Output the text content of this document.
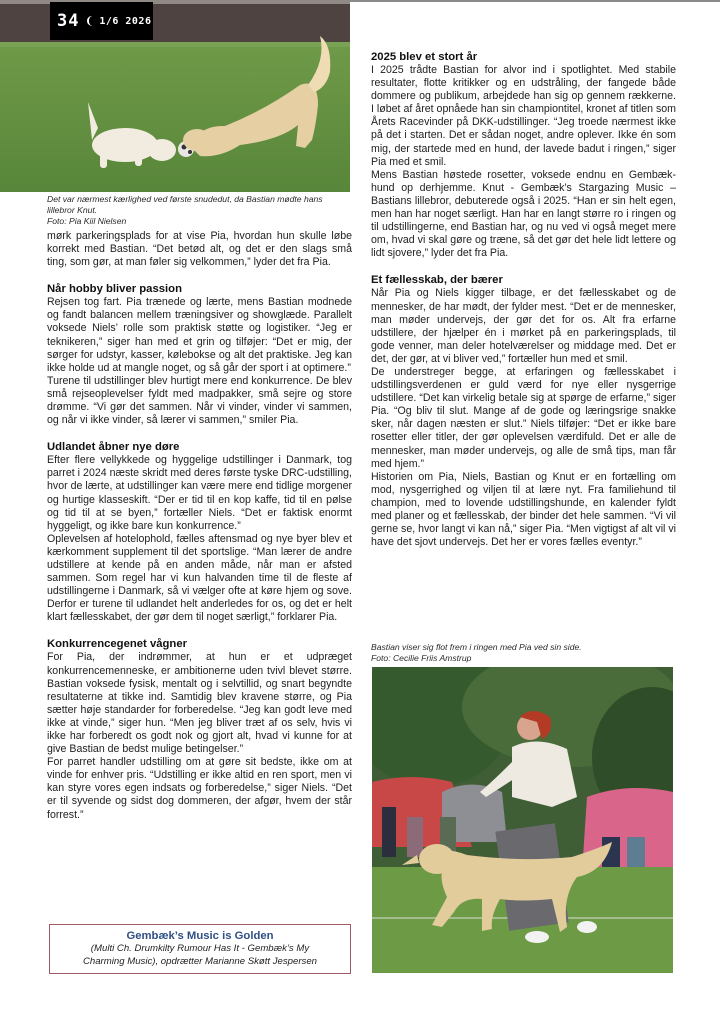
34 ❨ 1/6 2026
Det var nærmest kærlighed ved første snudedut, da Bastian mødte hans lillebror Knut.
Foto: Pia Kiil Nielsen

mørk parkeringsplads for at vise Pia, hvordan hun skulle løbe korrekt med Bastian. “Det betød alt, og det er den slags små ting, som gør, at man føler sig velkommen,” lyder det fra Pia.

Når hobby bliver passion

Rejsen tog fart. Pia trænede og lærte, mens Bastian modnede og fandt balancen mellem træningsiver og showglæde. Parallelt voksede Niels’ rolle som praktisk støtte og logistiker. “Jeg er teknikeren,” siger han med et grin og tilføjer: “Det er mig, der sørger for udstyr, kasser, kølebokse og alt det praktiske. Jeg kan ikke holde ud at mangle noget, og så går der sport i at optimere.”

Turene til udstillinger blev hurtigt mere end konkurrence. De blev små rejseoplevelser fyldt med madpakker, små sejre og store drømme. “Vi gør det sammen. Når vi vinder, vinder vi sammen, og når vi ikke vinder, så lærer vi sammen,” smiler Pia.

Udlandet åbner nye døre

Efter flere vellykkede og hyggelige udstillinger i Danmark, tog parret i 2024 næste skridt med deres første tyske DRC-udstilling, hvor de lærte, at udstillinger kan være mere end tidlige morgener og hurtige klasseskift. “Der er tid til en kop kaffe, tid til en pølse og tid til at se byen,” fortæller Niels. “Det er faktisk enormt hyggeligt, og ikke bare kun konkurrence.”

Oplevelsen af hotelophold, fælles aftensmad og nye byer blev et kærkomment supplement til det sportslige. “Man lærer de andre udstillere at kende på en anden måde, når man er afsted sammen. Som regel har vi kun halvanden time til de fleste af udstillingerne i Danmark, så vi vælger ofte at køre hjem og sove. Derfor er turene til udlandet helt anderledes for os, og det er helt klart fællesskabet, der gør dem til noget særligt,” forklarer Pia.

Konkurrencegenet vågner

For Pia, der indrømmer, at hun er et udpræget konkurrencemenneske, er ambitionerne uden tvivl blevet større. Bastian voksede fysisk, mentalt og i selvtillid, og snart begyndte resultaterne at tikke ind. Samtidig blev kravene større, og Pia sætter høje standarder for forberedelse. “Jeg kan godt leve med ikke at vinde,” siger hun. “Men jeg bliver træt af os selv, hvis vi ikke har forberedt os godt nok og gjort alt, hvad vi kunne for at give Bastian de bedst mulige betingelser.”

For parret handler udstilling om at gøre sit bedste, ikke om at vinde for enhver pris. “Udstilling er ikke altid en ren sport, men vi kan styre vores egen indsats og forberedelse,” siger Niels. “Det er til syvende og sidst dog dommeren, der afgør, hvem der står forrest.”

Gembæk’s Music is Golden
(Multi Ch. Drumkilty Rumour Has It - Gembæk’s My
Charming Music), opdrætter Marianne Skøtt Jespersen
2025 blev et stort år

I 2025 trådte Bastian for alvor ind i spotlightet. Med stabile resultater, flotte kritikker og en udstråling, der fangede både dommere og publikum, arbejdede han sig op gennem rækkerne. I løbet af året opnåede han sin championtitel, kronet af titlen som Årets Racevinder på DKK-udstillinger. “Jeg troede nærmest ikke på det i starten. Det er sådan noget, andre oplever. Ikke én som mig, der startede med en hund, der lavede badut i ringen,” siger Pia med et smil.

Mens Bastian høstede rosetter, voksede endnu en Gembæk-hund op derhjemme. Knut - Gembæk’s Stargazing Music – Bastians lillebror, debuterede også i 2025. “Han er sin helt egen, men han har noget særligt. Han har en langt større ro i ringen og til udstillingerne, end Bastian har, og nu ved vi også meget mere om, hvad vi skal gøre og træne, så det gør det hele lidt lettere og lidt sjovere,” lyder det fra Pia.

Et fællesskab, der bærer

Når Pia og Niels kigger tilbage, er det fællesskabet og de mennesker, de har mødt, der fylder mest. “Det er de mennesker, man møder undervejs, der gør det for os. Alt fra erfarne udstillere, der hjælper én i mørket på en parkeringsplads, til gode venner, man deler hotelværelser og middage med. Det er det, der gør, at vi bliver ved,” fortæller hun med et smil.

De understreger begge, at erfaringen og fællesskabet i udstillingsverdenen er guld værd for nye eller nysgerrige udstillere. “Det kan virkelig betale sig at spørge de erfarne,” siger Pia. “Og bliv til slut. Mange af de gode og læringsrige snakke sker, når dagen næsten er slut.” Niels tilføjer: “Det er ikke bare rosetter eller titler, der gør oplevelsen værdifuld. Det er alle de mennesker, man møder undervejs, og alle de små tips, man får med hjem.”

Historien om Pia, Niels, Bastian og Knut er en fortælling om mod, nysgerrighed og viljen til at lære nyt. Fra familiehund til champion, med to lovende udstillingshunde, en kalender fyldt med planer og et fællesskab, der binder det hele sammen. “Vi vil gerne se, hvor langt vi kan nå,” siger Pia. “Men vigtigst af alt vil vi have det sjovt undervejs. Det her er vores fælles eventyr.”

Bastian viser sig flot frem i ringen med Pia ved sin side.
Foto: Cecilie Friis Amstrup
